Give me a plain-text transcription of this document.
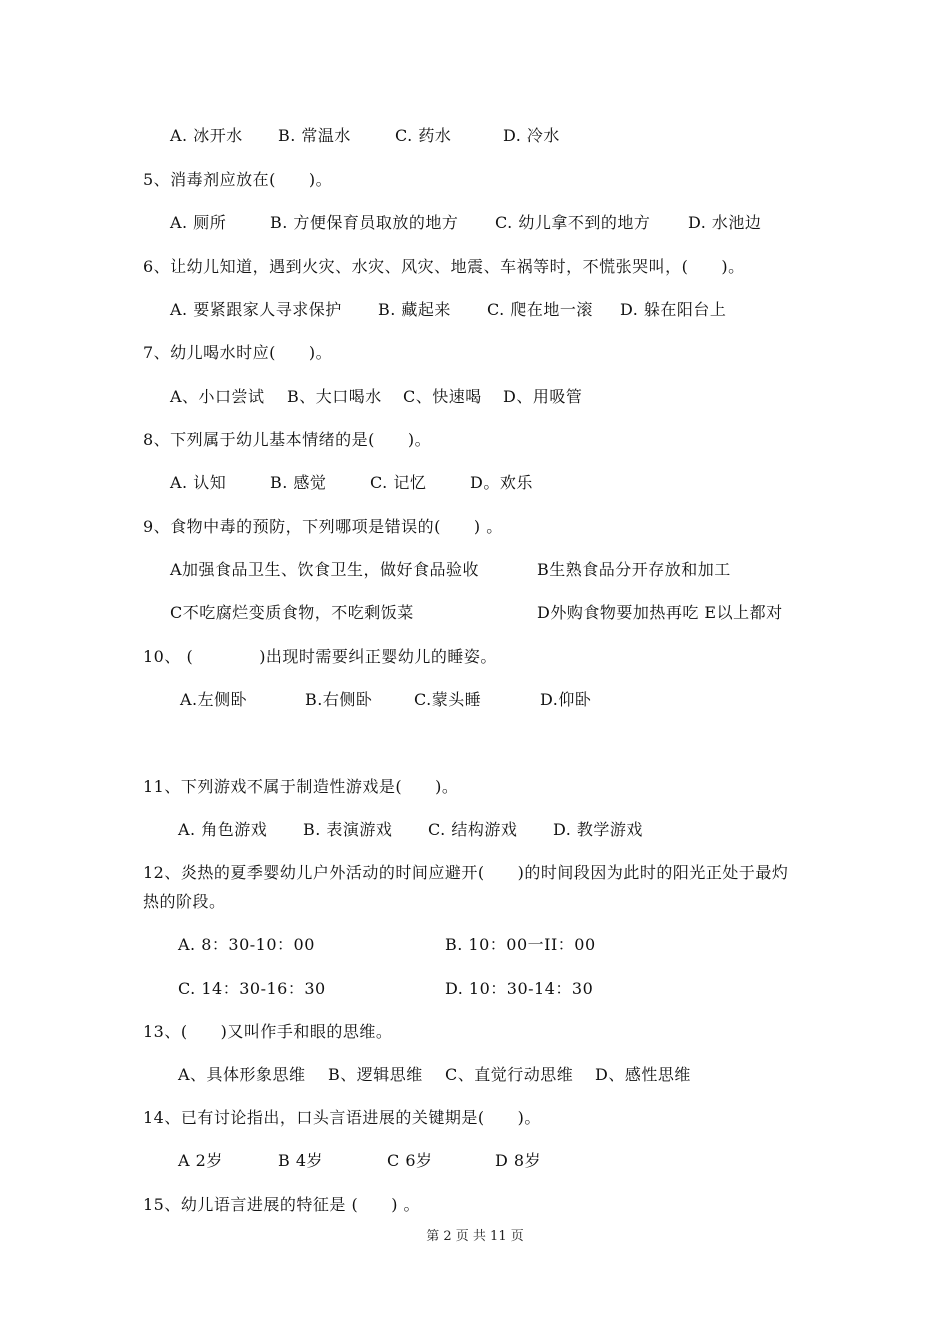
A. 冰开水 B. 常温水	C. 药水	D. 冷水
5、消毒剂应放在(　　)。
A. 厕所	B. 方便保育员取放的地方 C. 幼儿拿不到的地方 D. 水池边
6、让幼儿知道，遇到火灾、水灾、风灾、地震、车祸等时，不慌张哭叫，(　　)。
A. 要紧跟家人寻求保护 B. 藏起来 C. 爬在地一滚 D. 躲在阳台上
7、幼儿喝水时应(　　)。
A、小口尝试 B、大口喝水 C、快速喝 D、用吸管
8、下列属于幼儿基本情绪的是(　　)。
A. 认知	B. 感觉	C. 记忆	D。欢乐
9、食物中毒的预防，下列哪项是错误的(　　) 。
A加强食品卫生、饮食卫生，做好食品验收	B生熟食品分开存放和加工
C不吃腐烂变质食物，不吃剩饭菜	D外购食物要加热再吃 E以上都对
10、 (　　　　)出现时需要纠正婴幼儿的睡姿。
A.左侧卧	B.右侧卧	C.蒙头睡	D.仰卧
11、下列游戏不属于制造性游戏是(　　)。
A. 角色游戏 B. 表演游戏 C. 结构游戏 D. 教学游戏
12、炎热的夏季婴幼儿户外活动的时间应避开(　　)的时间段因为此时的阳光正处于最灼
热的阶段。
A. 8：30-10：00	B. 10：00一II：00
C. 14：30-16：30	D. 10：30-14：30
13、(　　)又叫作手和眼的思维。
A、具体形象思维 B、逻辑思维 C、直觉行动思维 D、感性思维
14、已有讨论指出，口头言语进展的关键期是(　　)。
A 2岁	B 4岁	C 6岁	D 8岁
15、幼儿语言进展的特征是 (　　) 。
第 2 页 共 11 页
